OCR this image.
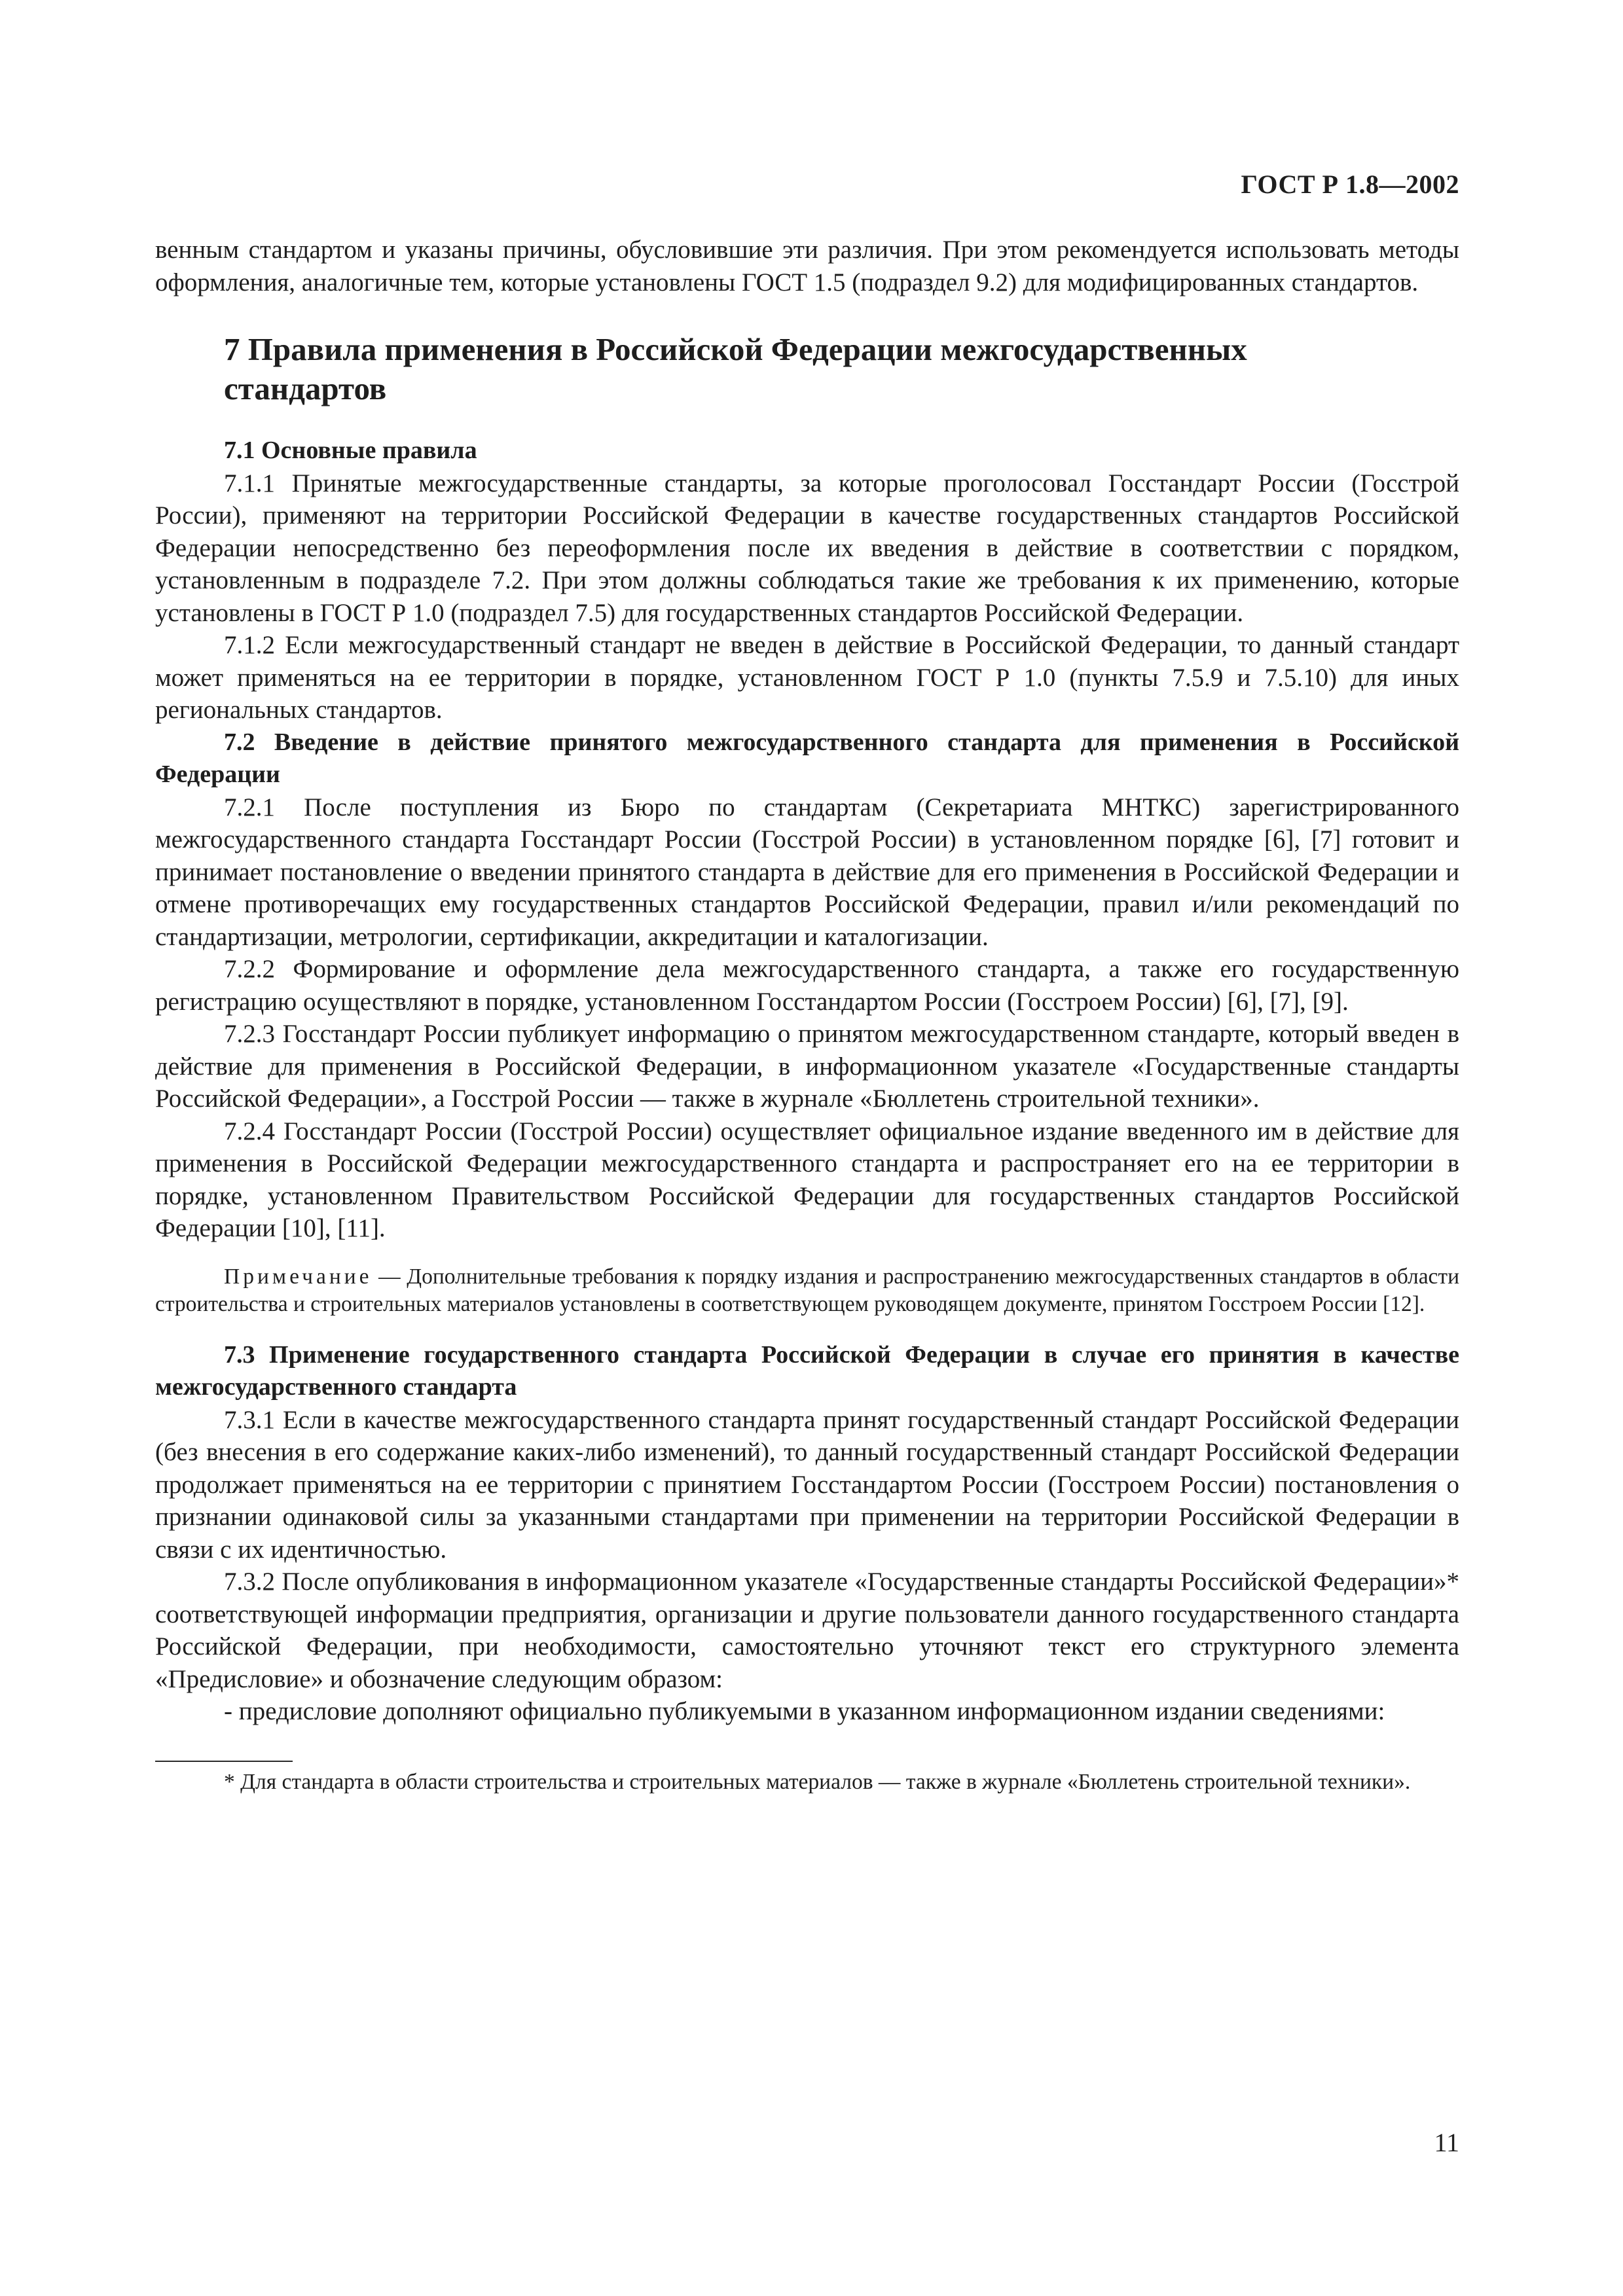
ГОСТ Р 1.8—2002

венным стандартом и указаны причины, обусловившие эти различия. При этом рекомендуется использовать методы оформления, аналогичные тем, которые установлены ГОСТ 1.5 (подраздел 9.2) для модифицированных стандартов.

7 Правила применения в Российской Федерации межгосударственных стандартов
7.1 Основные правила

7.1.1 Принятые межгосударственные стандарты, за которые проголосовал Госстандарт России (Госстрой России), применяют на территории Российской Федерации в качестве государственных стандартов Российской Федерации непосредственно без переоформления после их введения в действие в соответствии с порядком, установленным в подразделе 7.2. При этом должны соблюдаться такие же требования к их применению, которые установлены в ГОСТ Р 1.0 (подраздел 7.5) для государственных стандартов Российской Федерации.

7.1.2 Если межгосударственный стандарт не введен в действие в Российской Федерации, то данный стандарт может применяться на ее территории в порядке, установленном ГОСТ Р 1.0 (пункты 7.5.9 и 7.5.10) для иных региональных стандартов.

7.2 Введение в действие принятого межгосударственного стандарта для применения в Российской Федерации

7.2.1 После поступления из Бюро по стандартам (Секретариата МНТКС) зарегистрированного межгосударственного стандарта Госстандарт России (Госстрой России) в установленном порядке [6], [7] готовит и принимает постановление о введении принятого стандарта в действие для его применения в Российской Федерации и отмене противоречащих ему государственных стандартов Российской Федерации, правил и/или рекомендаций по стандартизации, метрологии, сертификации, аккредитации и каталогизации.

7.2.2 Формирование и оформление дела межгосударственного стандарта, а также его государственную регистрацию осуществляют в порядке, установленном Госстандартом России (Госстроем России) [6], [7], [9].

7.2.3 Госстандарт России публикует информацию о принятом межгосударственном стандарте, который введен в действие для применения в Российской Федерации, в информационном указателе «Государственные стандарты Российской Федерации», а Госстрой России — также в журнале «Бюллетень строительной техники».

7.2.4 Госстандарт России (Госстрой России) осуществляет официальное издание введенного им в действие для применения в Российской Федерации межгосударственного стандарта и распространяет его на ее территории в порядке, установленном Правительством Российской Федерации для государственных стандартов Российской Федерации [10], [11].

Примечание — Дополнительные требования к порядку издания и распространению межгосударственных стандартов в области строительства и строительных материалов установлены в соответствующем руководящем документе, принятом Госстроем России [12].
7.3 Применение государственного стандарта Российской Федерации в случае его принятия в качестве межгосударственного стандарта

7.3.1 Если в качестве межгосударственного стандарта принят государственный стандарт Российской Федерации (без внесения в его содержание каких-либо изменений), то данный государственный стандарт Российской Федерации продолжает применяться на ее территории с принятием Госстандартом России (Госстроем России) постановления о признании одинаковой силы за указанными стандартами при применении на территории Российской Федерации в связи с их идентичностью.

7.3.2 После опубликования в информационном указателе «Государственные стандарты Российской Федерации»* соответствующей информации предприятия, организации и другие пользователи данного государственного стандарта Российской Федерации, при необходимости, самостоятельно уточняют текст его структурного элемента «Предисловие» и обозначение следующим образом:

- предисловие дополняют официально публикуемыми в указанном информационном издании сведениями:

* Для стандарта в области строительства и строительных материалов — также в журнале «Бюллетень строительной техники».

11
